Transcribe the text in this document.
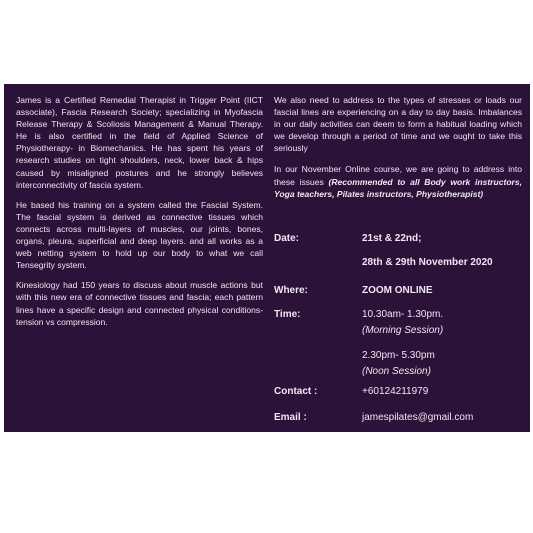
James is a Certified Remedial Therapist in Trigger Point (IICT associate), Fascia Research Society; specializing in Myofascia Release Therapy & Scoliosis Management & Manual Therapy. He is also certified in the field of Applied Science of Physiotherapy- in Biomechanics. He has spent his years of research studies on tight shoulders, neck, lower back & hips caused by misaligned postures and he strongly believes interconnectivity of fascia system.

He based his training on a system called the Fascial System. The fascial system is derived as connective tissues which connects across multi-layers of muscles, our joints, bones, organs, pleura, superficial and deep layers. and all works as a web netting system to hold up our body to what we call Tensegrity system.

Kinesiology had 150 years to discuss about muscle actions but with this new era of connective tissues and fascia; each pattern lines have a specific design and connected physical conditions- tension vs compression.

We also need to address to the types of stresses or loads our fascial lines are experiencing on a day to day basis. Imbalances in our daily activities can deem to form a habitual loading which we develop through a period of time and we ought to take this seriously

In our November Online course, we are going to address into these issues (Recommended to all Body work instructors, Yoga teachers, Pilates instructors, Physiotherapist)

Date:	21st & 22nd;
28th & 29th November 2020
Where:	ZOOM ONLINE
Time:	10.30am- 1.30pm.
(Morning Session)
2.30pm- 5.30pm
(Noon Session)
Contact :	+60124211979
Email :	jamespilates@gmail.com
